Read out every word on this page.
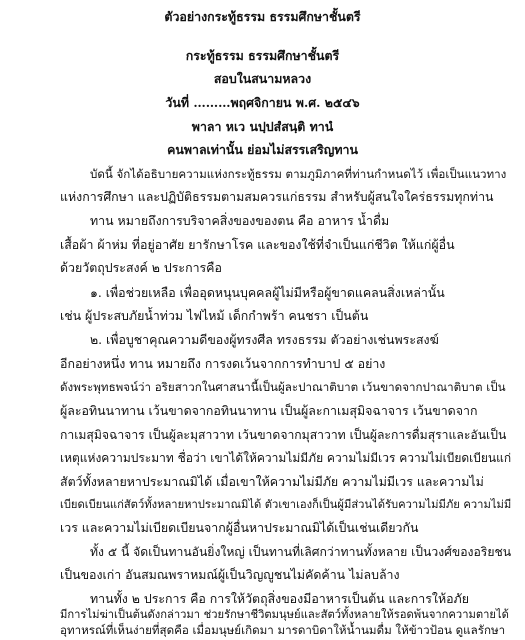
ตัวอย่างกระทู้ธรรม ธรรมศึกษาชั้นตรี
กระทู้ธรรม ธรรมศึกษาชั้นตรี
สอบในสนามหลวง
วันที่ ………พฤศจิกายน พ.ศ. ๒๕๔๖
พาลา หเว นปฺปสํสนฺติ ทานํ
คนพาลเท่านั้น ย่อมไม่สรรเสริญทาน
บัดนี้ จักได้อธิบายความแห่งกระทู้ธรรม ตามภูมิภาคที่ท่านกำหนดไว้ เพื่อเป็นแนวทาง
แห่งการศึกษา และปฏิบัติธรรมตามสมควรแก่ธรรม สำหรับผู้สนใจใคร่ธรรมทุกท่าน
ทาน หมายถึงการบริจาคสิ่งของของตน คือ อาหาร น้ำดื่ม
เสื้อผ้า ผ้าห่ม ที่อยู่อาศัย ยารักษาโรค และของใช้ที่จำเป็นแก่ชีวิต ให้แก่ผู้อื่น
ด้วยวัตถุประสงค์ ๒ ประการคือ
๑. เพื่อช่วยเหลือ เพื่ออุดหนุนบุคคลผู้ไม่มีหรือผู้ขาดแคลนสิ่งเหล่านั้น
เช่น ผู้ประสบภัยน้ำท่วม ไฟไหม้ เด็กกำพร้า คนชรา เป็นต้น
๒. เพื่อบูชาคุณความดีของผู้ทรงศีล ทรงธรรม ตัวอย่างเช่นพระสงฆ์
อีกอย่างหนึ่ง ทาน หมายถึง การงดเว้นจากการทำบาป ๕ อย่าง
ดังพระพุทธพจน์ว่า อริยสาวกในศาสนานี้เป็นผู้ละปาณาติบาต เว้นขาดจากปาณาติบาต เป็น
ผู้ละอทินนาทาน เว้นขาดจากอทินนาทาน เป็นผู้ละกาเมสุมิจฉาจาร เว้นขาดจาก
กาเมสุมิจฉาจาร เป็นผู้ละมุสาวาท เว้นขาดจากมุสาวาท เป็นผู้ละการดื่มสุราและอันเป็น
เหตุแห่งความประมาท ชื่อว่า เขาได้ให้ความไม่มีภัย ความไม่มีเวร ความไม่เบียดเบียนแก่
สัตว์ทั้งหลายหาประมาณมิได้ เมื่อเขาให้ความไม่มีภัย ความไม่มีเวร และความไม่
เบียดเบียนแก่สัตว์ทั้งหลายหาประมาณมิได้ ตัวเขาเองก็เป็นผู้มีส่วนได้รับความไม่มีภัย ความไม่มี
เวร และความไม่เบียดเบียนจากผู้อื่นหาประมาณมิได้เป็นเช่นเดียวกัน
ทั้ง ๕ นี้ จัดเป็นทานอันยิ่งใหญ่ เป็นทานที่เลิศกว่าทานทั้งหลาย เป็นวงศ์ของอริยชน
เป็นของเก่า อันสมณพราหมณ์ผู้เป็นวิญญูชนไม่คัดค้าน ไม่ลบล้าง
ทานทั้ง ๒ ประการ คือ การให้วัตถุสิ่งของมีอาหารเป็นต้น และการให้อภัย
มีการไม่ฆ่าเป็นต้นดังกล่าวมา ช่วยรักษาชีวิตมนุษย์และสัตว์ทั้งหลายให้รอดพ้นจากความตายได้
อุทาหรณ์ที่เห็นง่ายที่สุดคือ เมื่อมนุษย์เกิดมา มารดาบิดาให้น้ำนมดื่ม ให้ข้าวป้อน ดูแลรักษา
